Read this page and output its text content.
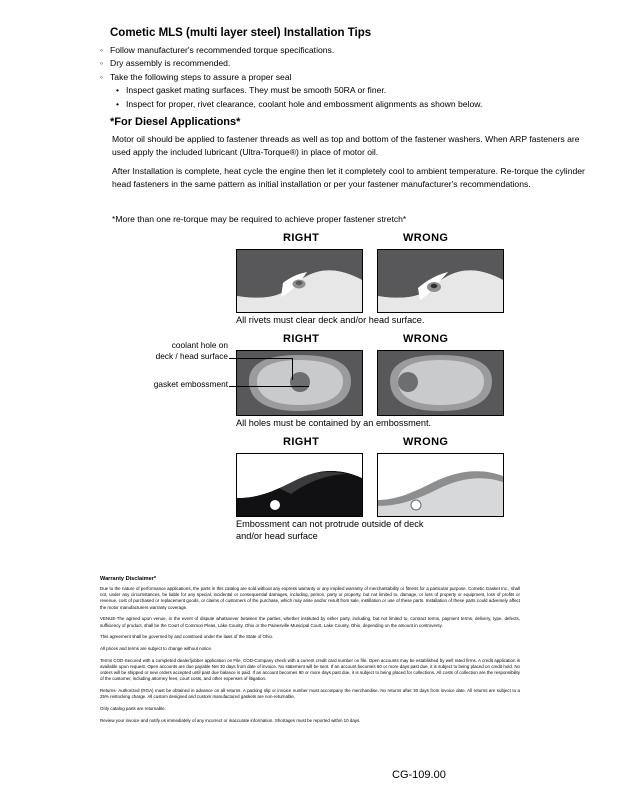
Cometic MLS (multi layer steel) Installation Tips
◦ Follow manufacturer's recommended torque specifications.
◦ Dry assembly is recommended.
◦ Take the following steps to assure a proper seal
• Inspect gasket mating surfaces. They must be smooth 50RA or finer.
• Inspect for proper, rivet clearance, coolant hole and embossment alignments as shown below.
*For Diesel Applications*
Motor oil should be applied to fastener threads as well as top and bottom of the fastener washers. When ARP fasteners are used apply the included lubricant (Ultra-Torque®) in place of motor oil.
After Installation is complete, heat cycle the engine then let it completely cool to ambient temperature. Re-torque the cylinder head fasteners in the same pattern as initial installation or per your fastener manufacturer's recommendations.
*More than one re-torque may be required to achieve proper fastener stretch*
RIGHT	WRONG
All rivets must clear deck and/or head surface.
RIGHT	WRONG
coolant hole on
deck / head surface
gasket embossment
All holes must be contained by an embossment.
RIGHT	WRONG
Embossment can not protrude outside of deck
and/or head surface
Warranty Disclaimer*

Due to the nature of performance applications, the parts in this catalog are sold without any express warranty or any implied warranty of merchantability or fitness for a particular purpose. Cometic Gasket Inc., shall not, under any circumstances, be liable for any special, incidental or consequential damages, including, person, party or property, but not limited to, damage, or loss of property or equipment, loss of profits or revenue, cost of purchased or replacement goods, or claims of customers of the purchase, which may arise and/or result from sale, instillation or use of these parts. Installation of these parts could adversely affect the motor manufacturers warranty coverage.

VENUE-The agreed upon venue, in the event of dispute whatsoever between the parties, whether instituted by either party, including, but not limited to, contract terms, payment terms, delivery, type, defects, sufficiency of product, shall be the Court of Common Pleas, Lake County, Ohio or the Painesville Municipal Court, Lake County, Ohio, depending on the amount in controversy.

This agreement shall be governed by and construed under the laws of the State of Ohio.

All prices and terms are subject to change without notice.

Terms COD-Secured with a completed dealer/jobber application on File, COD-Company check with a current credit card number on file. Open accounts may be established by well rated firms. A credit application is available upon request. Open accounts are due payable Net 30 days from date of invoice. No statement will be sent. If an account becomes 60 or more days past due, it is subject to being placed on credit hold. No orders will be shipped or new orders accepted until past due balance is paid. If an account becomes 90 or more days past due, it is subject to being placed for collections. All costs of collection are the responsibility of the customer, including attorney fees, court costs, and other expenses of litigation.

Returns- Authorized (RGA) must be obtained in advance on all returns. A packing slip or invoice number must accompany the merchandise. No returns after 30 days from invoice date. All returns are subject to a 25% restocking charge. All custom designed and custom manufactured gaskets are non-returnable.

Only catalog parts are returnable.

Review your invoice and notify us immediately of any incorrect or inaccurate information. Shortages must be reported within 10 days.

CG-109.00
